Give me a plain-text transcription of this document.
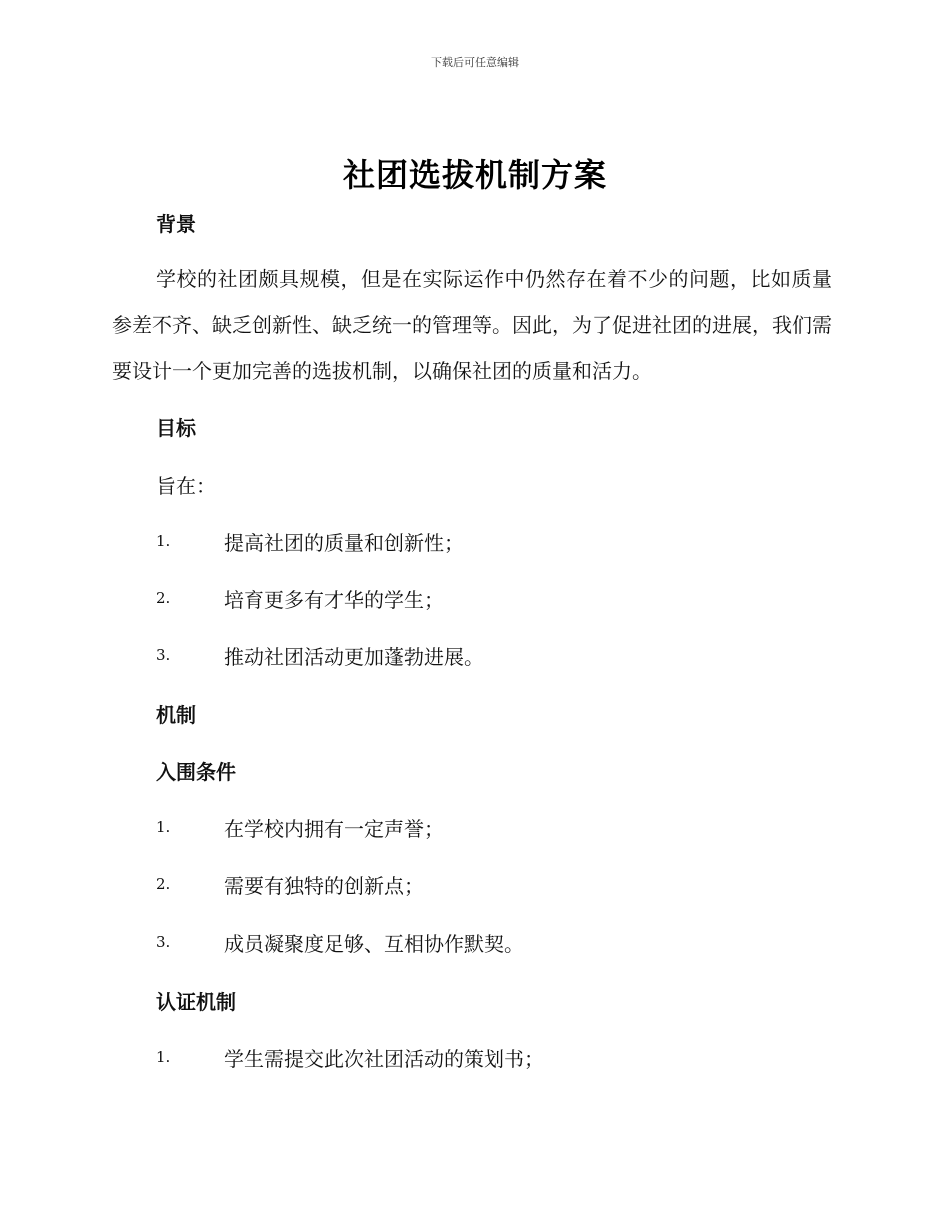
下载后可任意编辑
社团选拔机制方案
背景
学校的社团颇具规模，但是在实际运作中仍然存在着不少的问题，比如质量参差不齐、缺乏创新性、缺乏统一的管理等。因此，为了促进社团的进展，我们需要设计一个更加完善的选拔机制，以确保社团的质量和活力。
目标
旨在：
1.	提高社团的质量和创新性；
2.	培育更多有才华的学生；
3.	推动社团活动更加蓬勃进展。
机制
入围条件
1.	在学校内拥有一定声誉；
2.	需要有独特的创新点；
3.	成员凝聚度足够、互相协作默契。
认证机制
1.	学生需提交此次社团活动的策划书；
